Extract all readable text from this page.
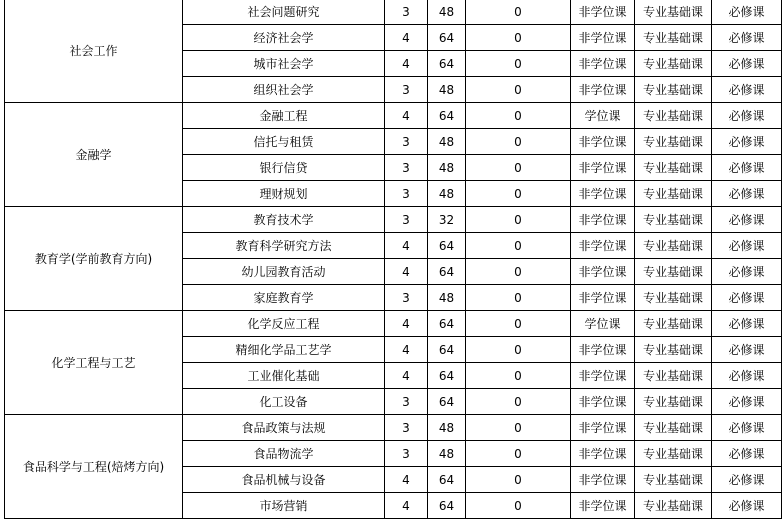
社会工作	社会问题研究	3	48	0	非学位课	专业基础课	必修课
	经济社会学	4	64	0	非学位课	专业基础课	必修课
	城市社会学	4	64	0	非学位课	专业基础课	必修课
	组织社会学	3	48	0	非学位课	专业基础课	必修课
金融学	金融工程	4	64	0	学位课	专业基础课	必修课
	信托与租赁	3	48	0	非学位课	专业基础课	必修课
	银行信贷	3	48	0	非学位课	专业基础课	必修课
	理财规划	3	48	0	非学位课	专业基础课	必修课
教育学(学前教育方向)	教育技术学	3	32	0	非学位课	专业基础课	必修课
	教育科学研究方法	4	64	0	非学位课	专业基础课	必修课
	幼儿园教育活动	4	64	0	非学位课	专业基础课	必修课
	家庭教育学	3	48	0	非学位课	专业基础课	必修课
化学工程与工艺	化学反应工程	4	64	0	学位课	专业基础课	必修课
	精细化学品工艺学	4	64	0	非学位课	专业基础课	必修课
	工业催化基础	4	64	0	非学位课	专业基础课	必修课
	化工设备	3	64	0	非学位课	专业基础课	必修课
食品科学与工程(焙烤方向)	食品政策与法规	3	48	0	非学位课	专业基础课	必修课
	食品物流学	3	48	0	非学位课	专业基础课	必修课
	食品机械与设备	4	64	0	非学位课	专业基础课	必修课
	市场营销	4	64	0	非学位课	专业基础课	必修课
